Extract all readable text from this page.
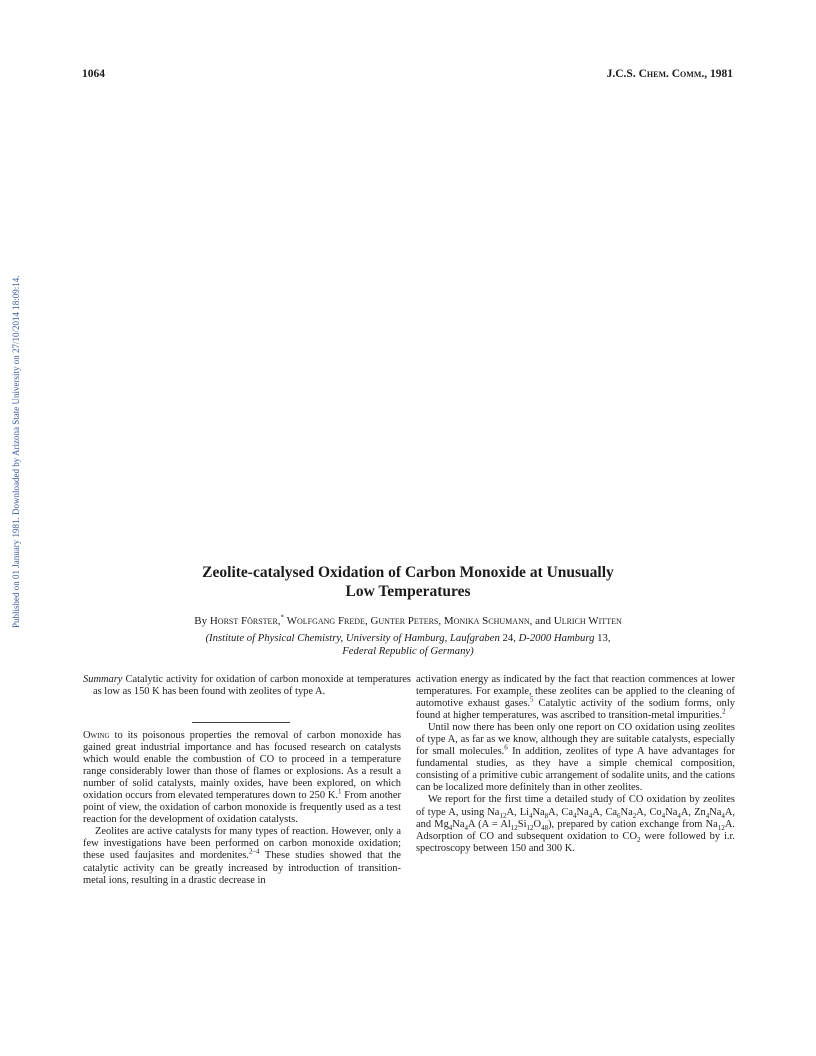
1064	J.C.S. Chem. Comm., 1981
Published on 01 January 1981. Downloaded by Arizona State University on 27/10/2014 18:09:14.	Zeolite-catalysed Oxidation of Carbon Monoxide at Unusually
Low Temperatures
By Horst Förster,* Wolfgang Frede, Gunter Peters, Monika Schumann, and Ulrich Witten
(Institute of Physical Chemistry, University of Hamburg, Laufgraben 24, D-2000 Hamburg 13,
Federal Republic of Germany)
Summary Catalytic activity for oxidation of carbon monoxide at temperatures as low as 150 K has been found with zeolites of type A.

Owing to its poisonous properties the removal of carbon monoxide has gained great industrial importance and has focused research on catalysts which would enable the combustion of CO to proceed in a temperature range considerably lower than those of flames or explosions. As a result a number of solid catalysts, mainly oxides, have been explored, on which oxidation occurs from elevated temperatures down to 250 K.$^1$ From another point of view, the oxidation of carbon monoxide is frequently used as a test reaction for the development of oxidation catalysts.

Zeolites are active catalysts for many types of reaction. However, only a few investigations have been performed on carbon monoxide oxidation; these used faujasites and mordenites.$^{2-4}$ These studies showed that the catalytic activity can be greatly increased by introduction of transition-metal ions, resulting in a drastic decrease in

activation energy as indicated by the fact that reaction commences at lower temperatures. For example, these zeolites can be applied to the cleaning of automotive exhaust gases.$^5$ Catalytic activity of the sodium forms, only found at higher temperatures, was ascribed to transition-metal impurities.$^2$

Until now there has been only one report on CO oxidation using zeolites of type A, as far as we know, although they are suitable catalysts, especially for small molecules.$^6$ In addition, zeolites of type A have advantages for fundamental studies, as they have a simple chemical composition, consisting of a primitive cubic arrangement of sodalite units, and the cations can be localized more definitely than in other zeolites.

We report for the first time a detailed study of CO oxidation by zeolites of type A, using $Na_{12}A$, $Li_4Na_8A$, $Ca_4Na_4A$, $Ca_6Na_2A$, $Co_4Na_4A$, $Zn_4Na_4A$, and $Mg_4Na_4A$ $(A = Al_{12}Si_{12}O_{48})$, prepared by cation exchange from $Na_{12}A$. Adsorption of CO and subsequent oxidation to $CO_2$ were followed by i.r. spectroscopy between 150 and 300 K.
